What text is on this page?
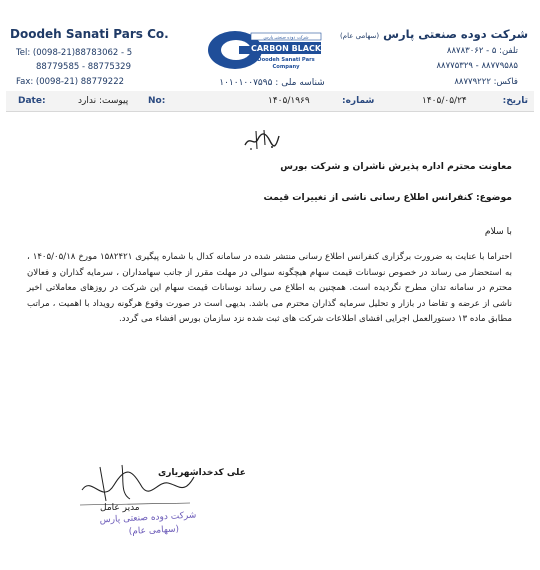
Doodeh Sanati Pars Co.
Tel: (0098-21)88783062 - 5
88779585 - 88775329
Fax: (0098-21) 88779222
شرکت دوده صنعتی پارس
CARBON BLACK
Doodeh Sanati Pars
Company
شناسه ملی : ۱۰۱۰۱۰۰۷۵۹۵
شرکت دوده صنعتی پارس (سهامی عام)
تلفن: ۵ - ۸۸۷۸۳۰۶۲
۸۸۷۷۹۵۸۵ - ۸۸۷۷۵۳۲۹
فاکس: ۸۸۷۷۹۲۲۲
Date:	No:
پیوست: ندارد	۱۴۰۵/۱۹۶۹	شماره:	۱۴۰۵/۰۵/۲۴	تاریخ:
معاونت محترم اداره پذیرش ناشران و شرکت بورس
موضوع: کنفرانس اطلاع رسانی ناشی از تغییرات قیمت
با سلام
احتراما با عنایت به ضرورت برگزاری کنفرانس اطلاع رسانی منتشر شده در سامانه کدال با شماره پیگیری ۱۵۸۲۴۲۱ مورخ ۱۴۰۵/۰۵/۱۸ ، به استحضار می رساند در خصوص نوسانات قیمت سهام هیچگونه سوالی در مهلت مقرر از جانب سهامداران ، سرمایه گذاران و فعالان محترم در سامانه تدان مطرح نگردیده است. همچنین به اطلاع می رساند نوسانات قیمت سهام این شرکت در روزهای معاملاتی اخیر ناشی از عرضه و تقاضا در بازار و تحلیل سرمایه گذاران محترم می باشد. بدیهی است در صورت وقوع هرگونه رویداد با اهمیت ، مراتب مطابق ماده ۱۳ دستورالعمل اجرایی افشای اطلاعات شرکت های ثبت شده نزد سازمان بورس افشاء می گردد.
علی کدخداشهریاری
مدیر عامل
شرکت دوده صنعتی پارس
(سهامی عام)
